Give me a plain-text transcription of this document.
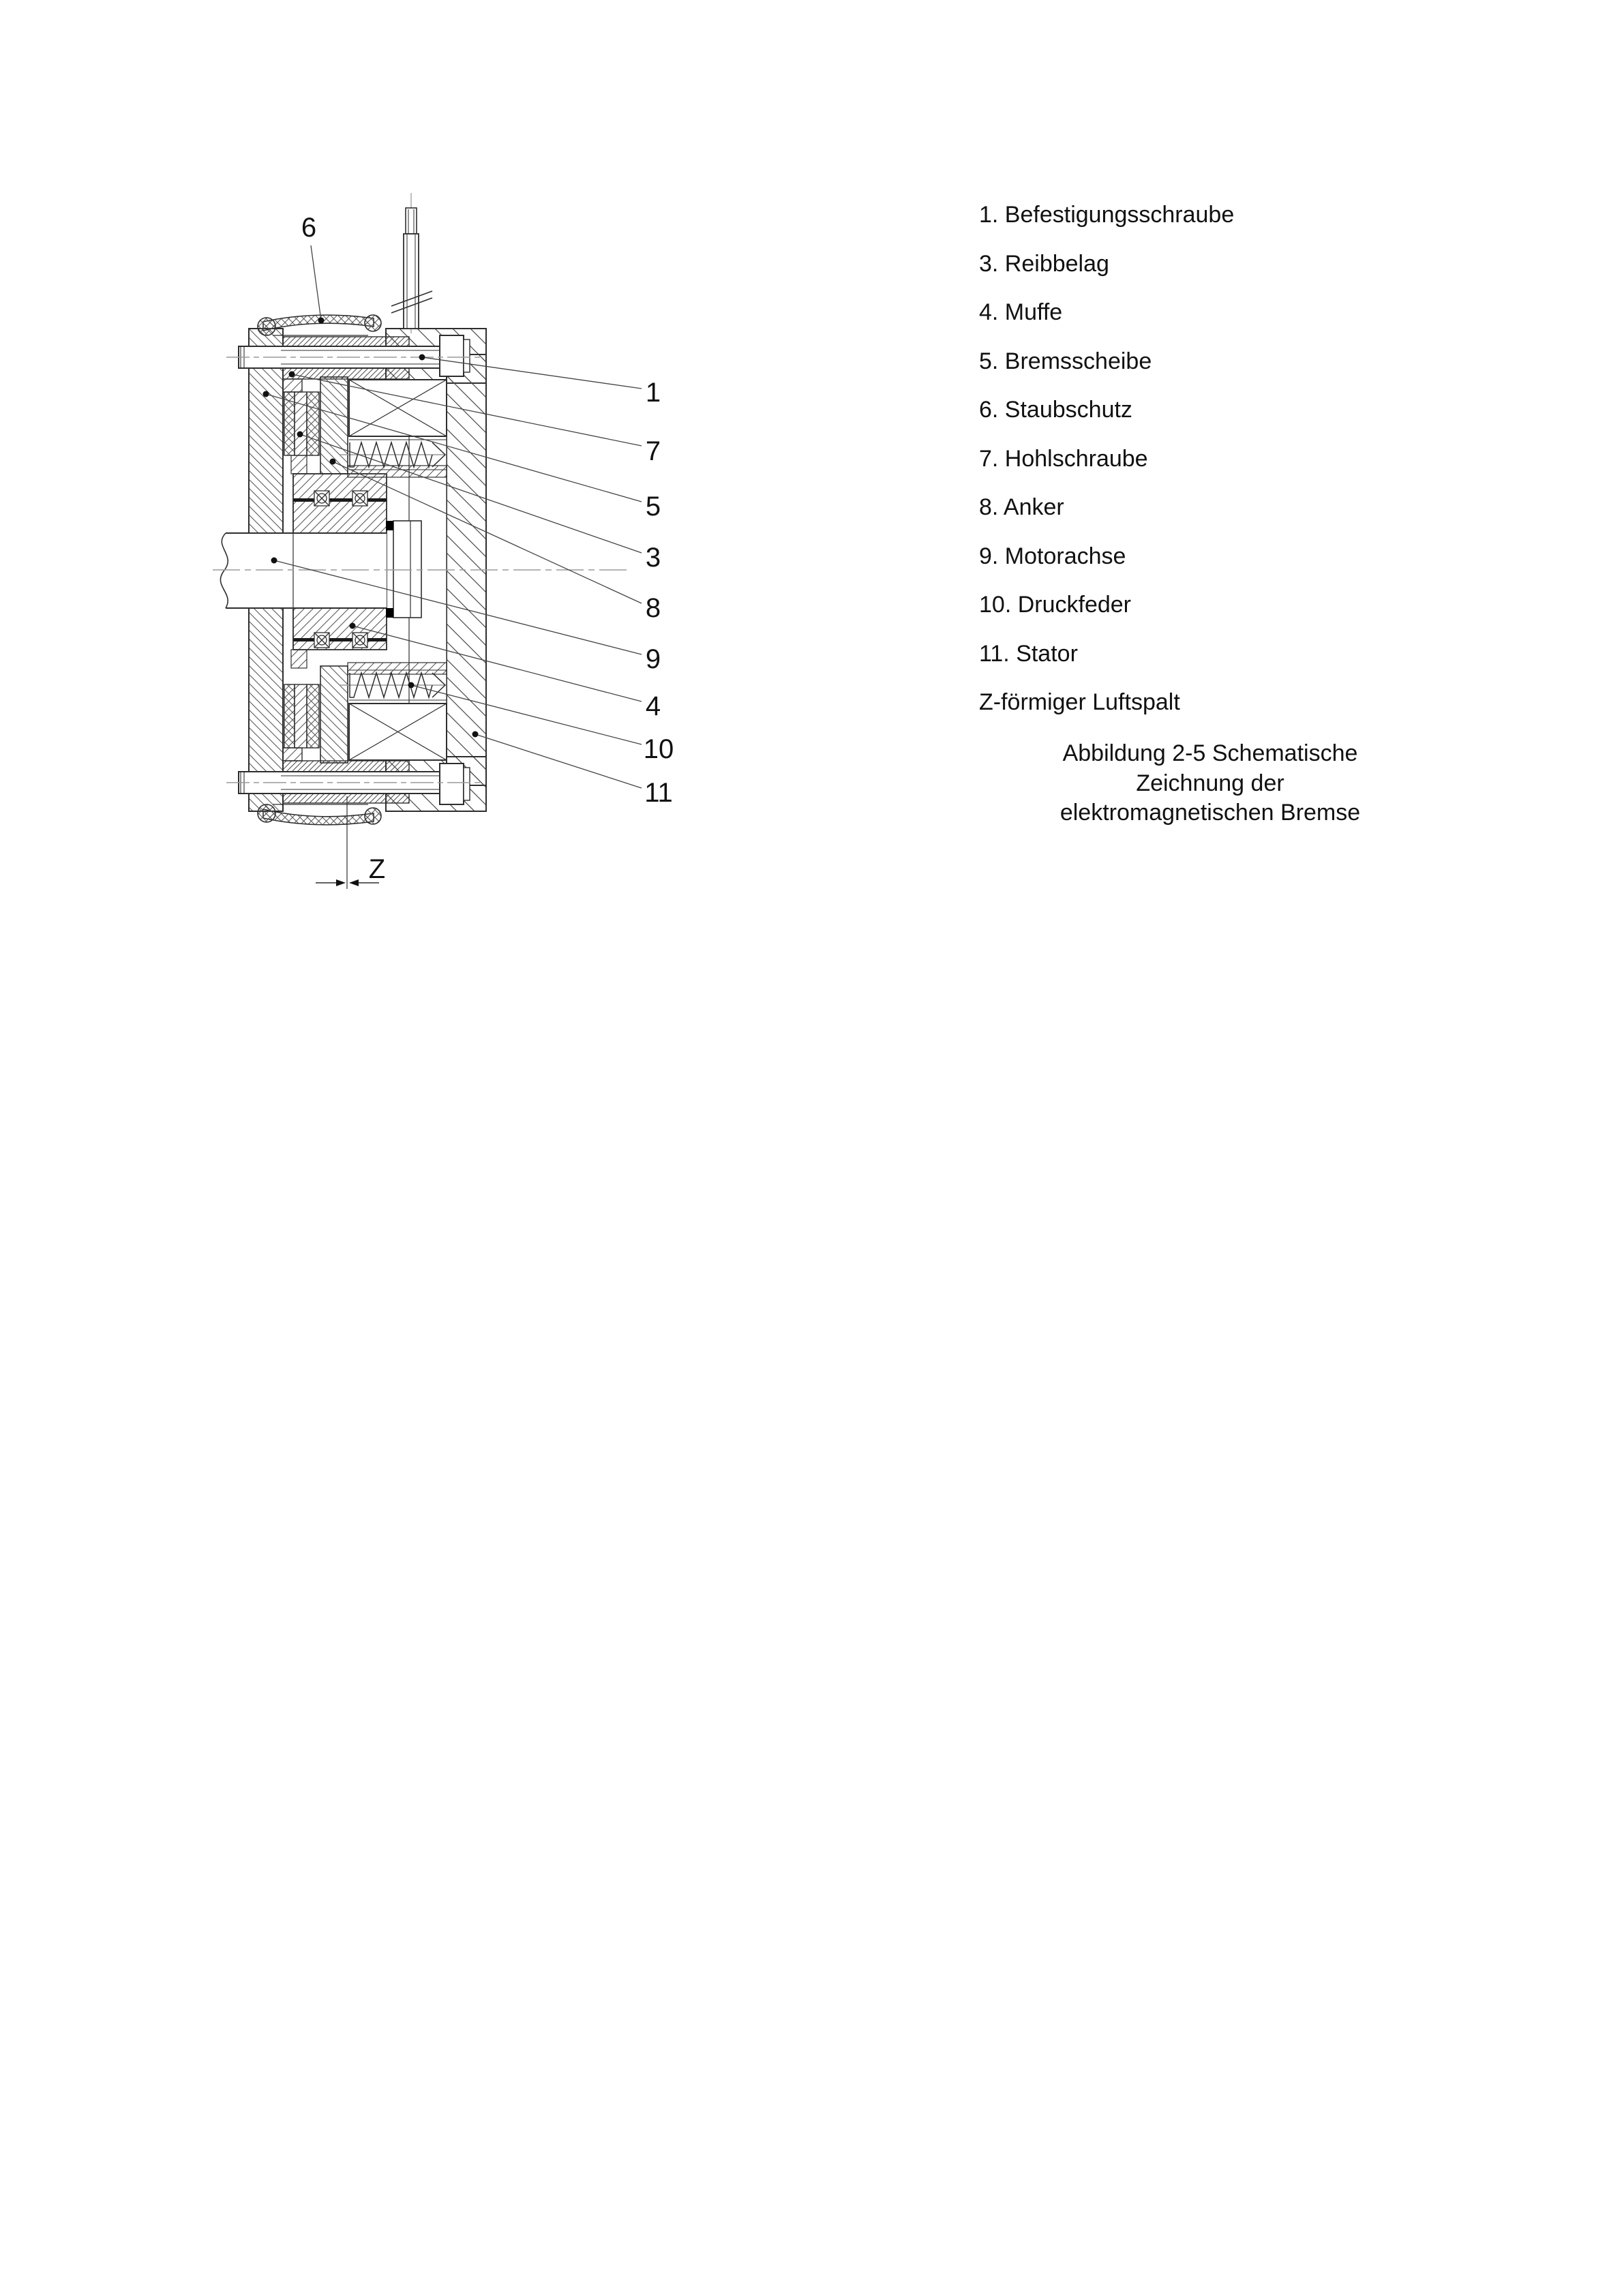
Z
6
1
7
5
3
8
9
4
10
11
1. Befestigungsschraube
3. Reibbelag
4. Muffe
5. Bremsscheibe
6. Staubschutz
7. Hohlschraube
8. Anker
9. Motorachse
10. Druckfeder
11. Stator
Z-förmiger Luftspalt
Abbildung 2-5 Schematische
Zeichnung der
elektromagnetischen Bremse
